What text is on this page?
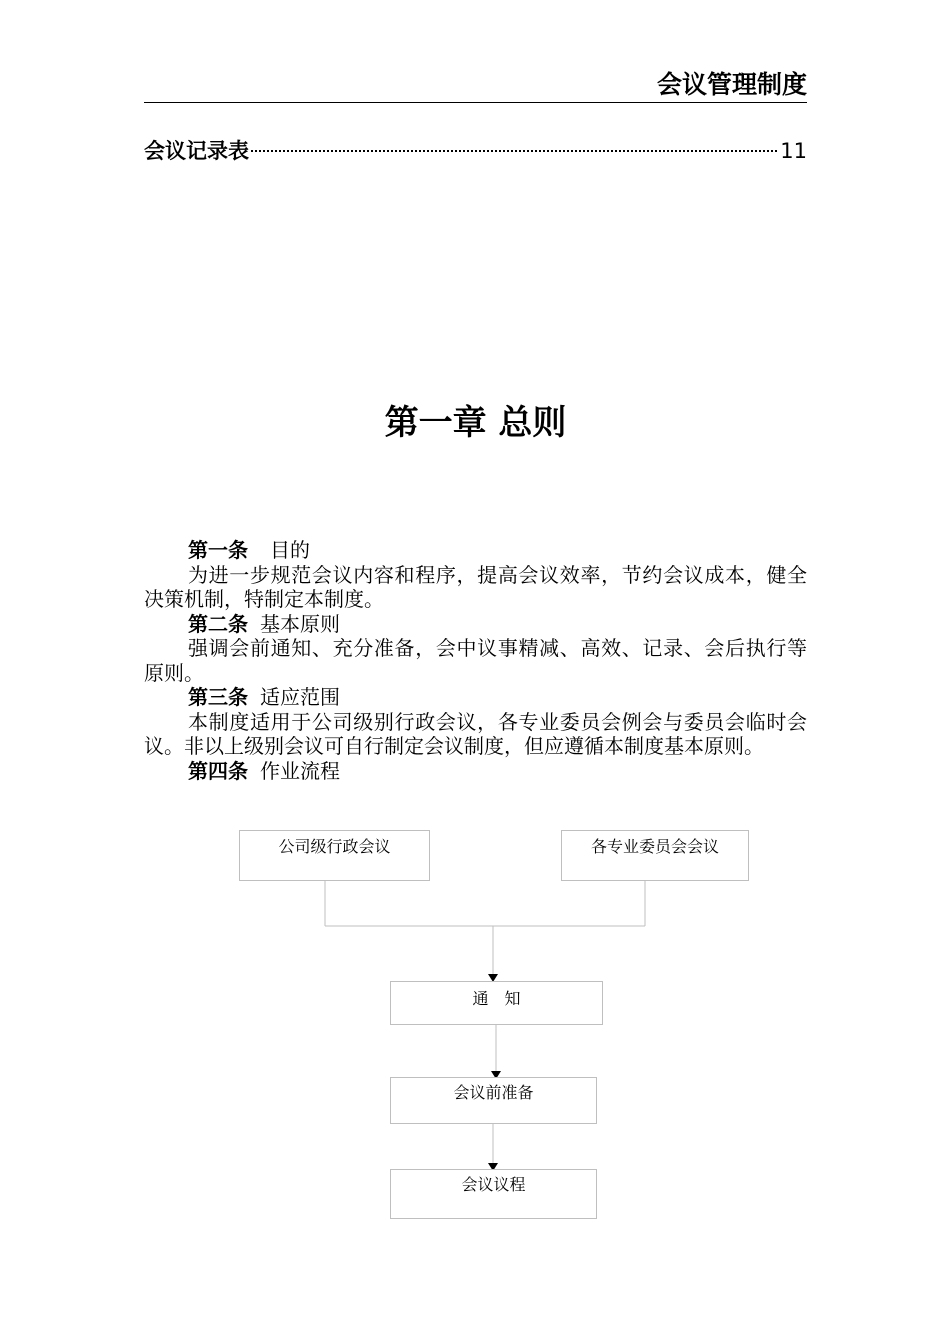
会议管理制度
会议记录表	11
第一章 总则

第一条 目的

为进一步规范会议内容和程序，提高会议效率，节约会议成本，健全决策机制，特制定本制度。

第二条 基本原则

强调会前通知、充分准备，会中议事精减、高效、记录、会后执行等原则。

第三条 适应范围

本制度适用于公司级别行政会议，各专业委员会例会与委员会临时会议。非以上级别会议可自行制定会议制度，但应遵循本制度基本原则。

第四条 作业流程

公司级行政会议	各专业委员会会议
通　知
会议前准备
会议议程
